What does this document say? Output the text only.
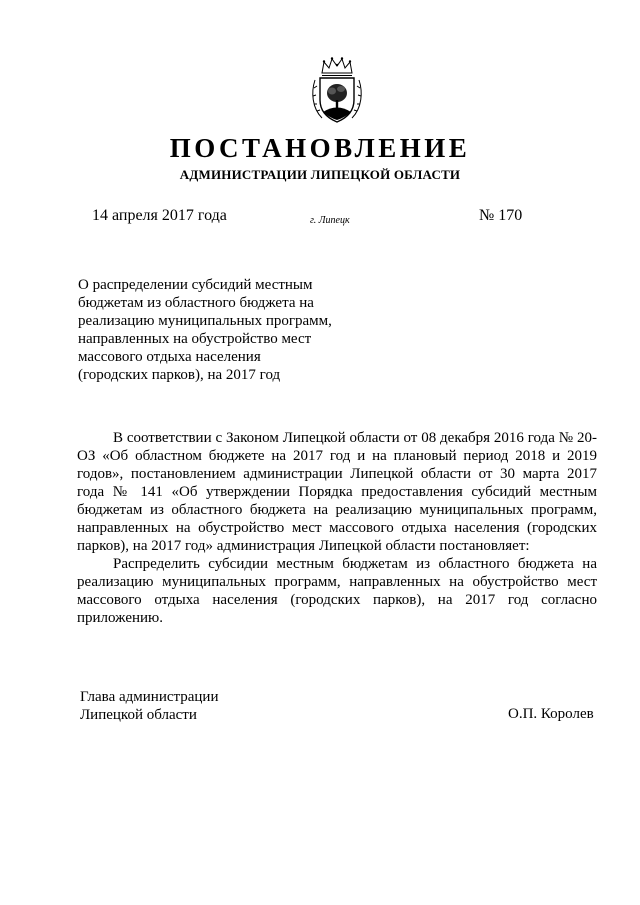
ПОСТАНОВЛЕНИЕ
АДМИНИСТРАЦИИ ЛИПЕЦКОЙ ОБЛАСТИ
14 апреля 2017 года	г. Липецк	№ 170
О распределении субсидий местным
бюджетам из областного бюджета на
реализацию муниципальных программ,
направленных на обустройство мест
массового отдыха населения
(городских парков), на 2017 год

В соответствии с Законом Липецкой области от 08 декабря 2016 года № 20-ОЗ «Об областном бюджете на 2017 год и на плановый период 2018 и 2019 годов», постановлением администрации Липецкой области от 30 марта 2017 года № 141 «Об утверждении Порядка предоставления субсидий местным бюджетам из областного бюджета на реализацию муниципальных программ, направленных на обустройство мест массового отдыха населения (городских парков), на 2017 год» администрация Липецкой области постановляет:

Распределить субсидии местным бюджетам из областного бюджета на реализацию муниципальных программ, направленных на обустройство мест массового отдыха населения (городских парков), на 2017 год согласно приложению.

Глава администрации
Липецкой области	О.П. Королев
